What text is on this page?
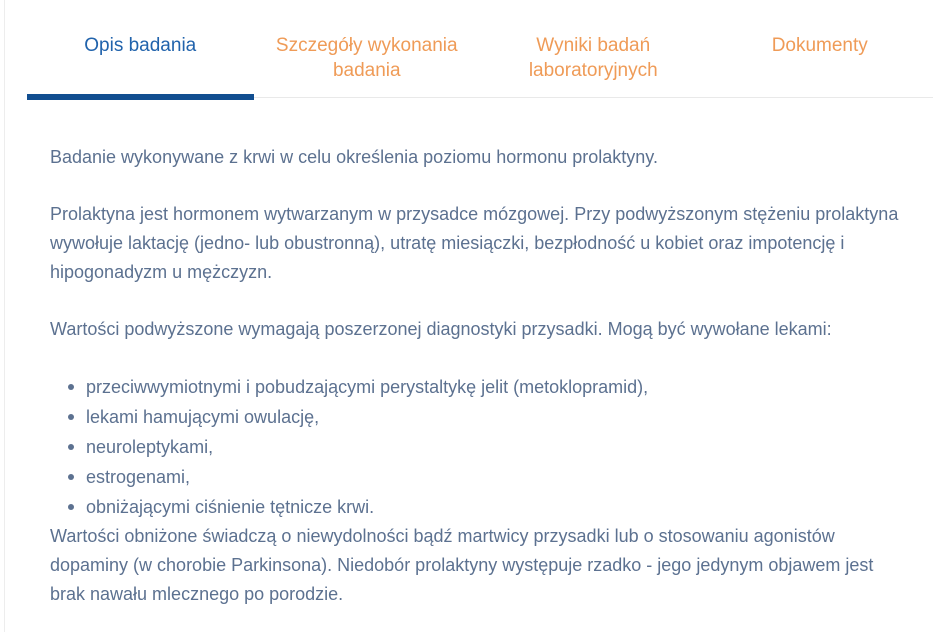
Opis badania	Szczegóły wykonania badania
Wyniki badań laboratoryjnych
Dokumenty

Badanie wykonywane z krwi w celu określenia poziomu hormonu prolaktyny.

Prolaktyna jest hormonem wytwarzanym w przysadce mózgowej. Przy podwyższonym stężeniu prolaktyna wywołuje laktację (jedno- lub obustronną), utratę miesiączki, bezpłodność u kobiet oraz impotencję i hipogonadyzm u mężczyzn.

Wartości podwyższone wymagają poszerzonej diagnostyki przysadki. Mogą być wywołane lekami:

przeciwwymiotnymi i pobudzającymi perystaltykę jelit (metoklopramid),
lekami hamującymi owulację,
neuroleptykami,
estrogenami,
obniżającymi ciśnienie tętnicze krwi.

Wartości obniżone świadczą o niewydolności bądź martwicy przysadki lub o stosowaniu agonistów dopaminy (w chorobie Parkinsona). Niedobór prolaktyny występuje rzadko - jego jedynym objawem jest brak nawału mlecznego po porodzie.
